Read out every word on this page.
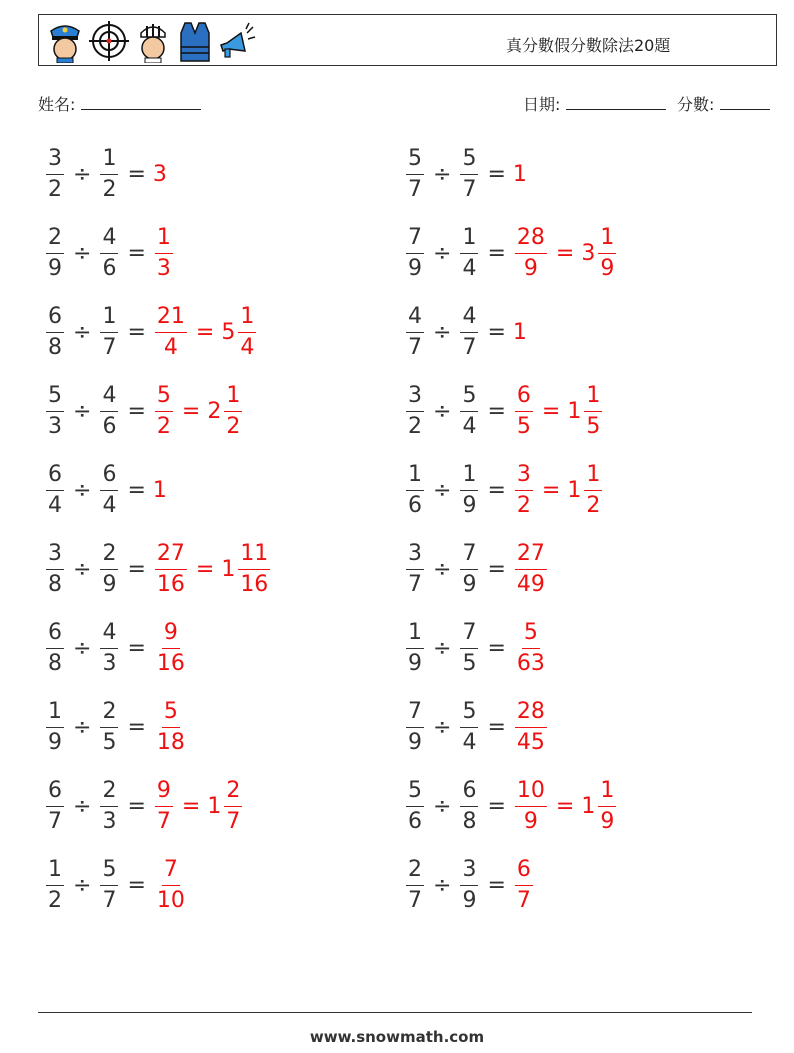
真分數假分數除法20題
姓名:	日期:	分數:
$\frac{3}{2} \div \frac{1}{2} = 3$	$\frac{5}{7} \div \frac{5}{7} = 1$
$\frac{2}{9} \div \frac{4}{6} = \frac{1}{3}$	$\frac{7}{9} \div \frac{1}{4} = \frac{28}{9} = 3 \frac{1}{9}$
$\frac{6}{8} \div \frac{1}{7} = \frac{21}{4} = 5 \frac{1}{4}$	$\frac{4}{7} \div \frac{4}{7} = 1$
$\frac{5}{3} \div \frac{4}{6} = \frac{5}{2} = 2 \frac{1}{2}$	$\frac{3}{2} \div \frac{5}{4} = \frac{6}{5} = 1 \frac{1}{5}$
$\frac{6}{4} \div \frac{6}{4} = 1$	$\frac{1}{6} \div \frac{1}{9} = \frac{3}{2} = 1 \frac{1}{2}$
$\frac{3}{8} \div \frac{2}{9} = \frac{27}{16} = 1 \frac{11}{16}$	$\frac{3}{7} \div \frac{7}{9} = \frac{27}{49}$
$\frac{6}{8} \div \frac{4}{3} = \frac{9}{16}$	$\frac{1}{9} \div \frac{7}{5} = \frac{5}{63}$
$\frac{1}{9} \div \frac{2}{5} = \frac{5}{18}$	$\frac{7}{9} \div \frac{5}{4} = \frac{28}{45}$
$\frac{6}{7} \div \frac{2}{3} = \frac{9}{7} = 1 \frac{2}{7}$	$\frac{5}{6} \div \frac{6}{8} = \frac{10}{9} = 1 \frac{1}{9}$
$\frac{1}{2} \div \frac{5}{7} = \frac{7}{10}$	$\frac{2}{7} \div \frac{3}{9} = \frac{6}{7}$
www.snowmath.com
